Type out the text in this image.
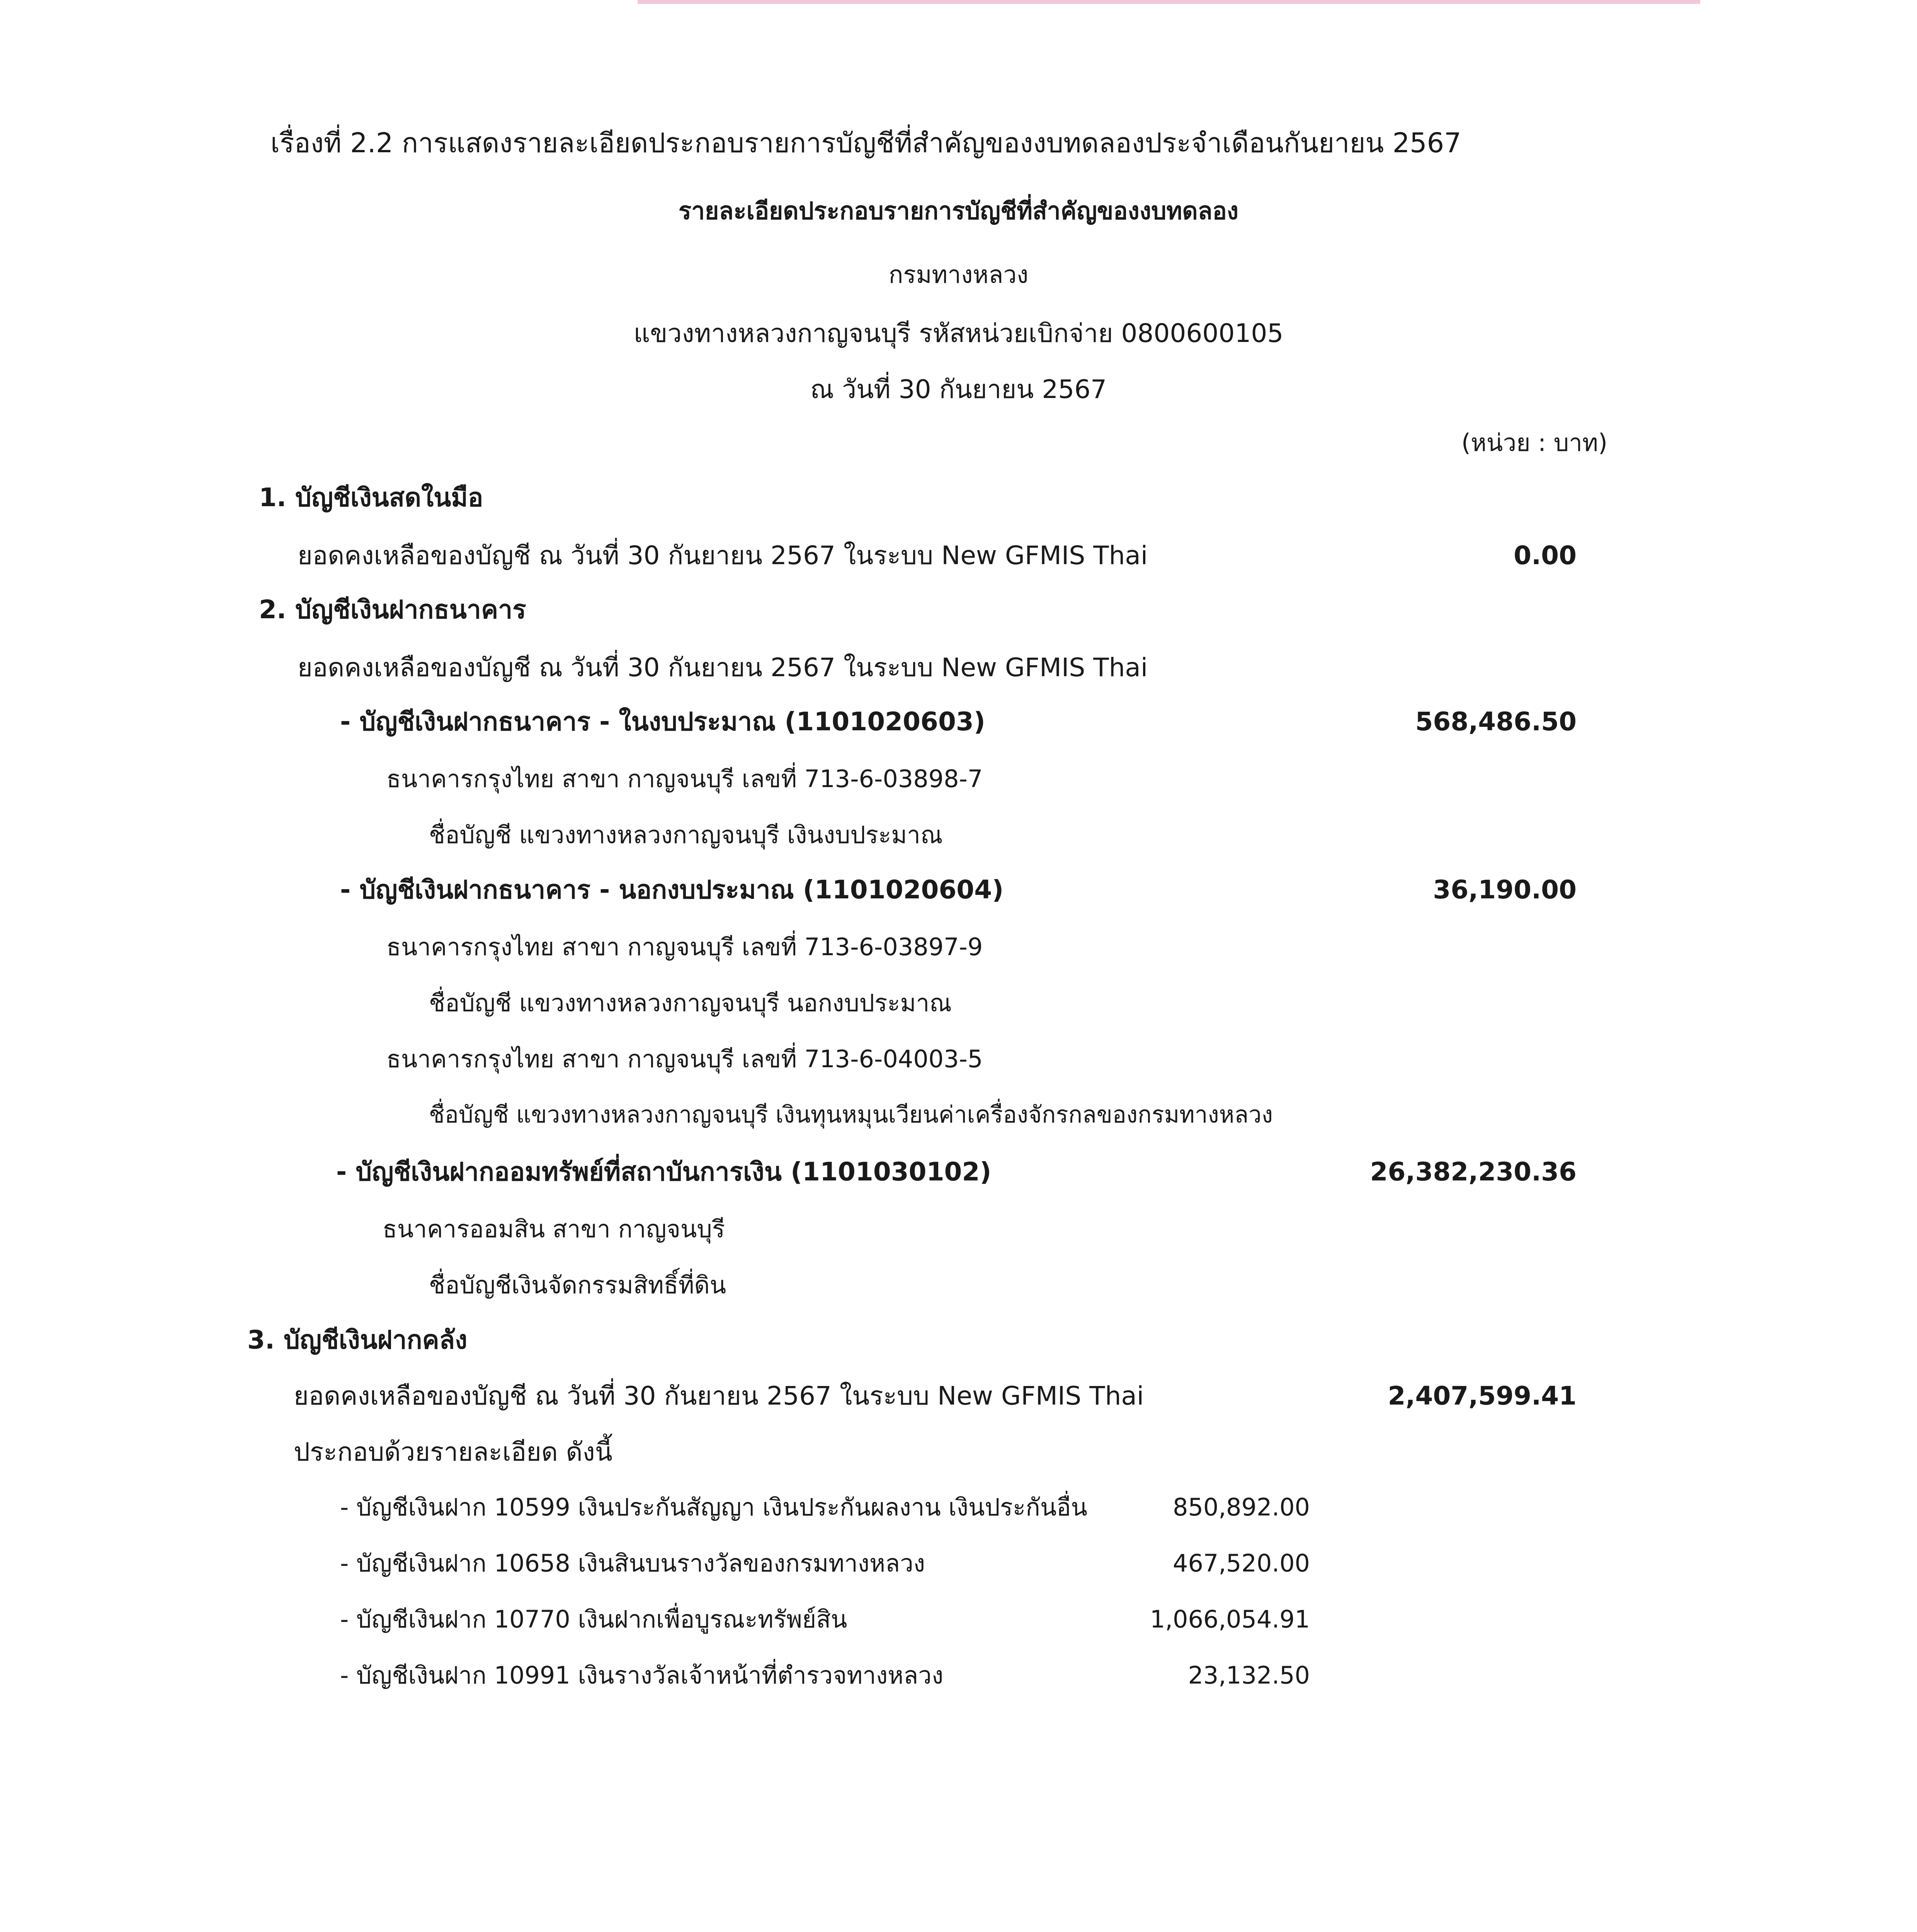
เรื่องที่ 2.2 การแสดงรายละเอียดประกอบรายการบัญชีที่สำคัญของงบทดลองประจำเดือนกันยายน 2567
รายละเอียดประกอบรายการบัญชีที่สำคัญของงบทดลอง
กรมทางหลวง
แขวงทางหลวงกาญจนบุรี รหัสหน่วยเบิกจ่าย 0800600105
ณ วันที่ 30 กันยายน 2567
(หน่วย : บาท)
1. บัญชีเงินสดในมือ
ยอดคงเหลือของบัญชี ณ วันที่ 30 กันยายน 2567 ในระบบ New GFMIS Thai	0.00
2. บัญชีเงินฝากธนาคาร
ยอดคงเหลือของบัญชี ณ วันที่ 30 กันยายน 2567 ในระบบ New GFMIS Thai
- บัญชีเงินฝากธนาคาร - ในงบประมาณ (1101020603)	568,486.50
ธนาคารกรุงไทย สาขา กาญจนบุรี เลขที่ 713-6-03898-7
ชื่อบัญชี แขวงทางหลวงกาญจนบุรี เงินงบประมาณ
- บัญชีเงินฝากธนาคาร - นอกงบประมาณ (1101020604)	36,190.00
ธนาคารกรุงไทย สาขา กาญจนบุรี เลขที่ 713-6-03897-9
ชื่อบัญชี แขวงทางหลวงกาญจนบุรี นอกงบประมาณ
ธนาคารกรุงไทย สาขา กาญจนบุรี เลขที่ 713-6-04003-5
ชื่อบัญชี แขวงทางหลวงกาญจนบุรี เงินทุนหมุนเวียนค่าเครื่องจักรกลของกรมทางหลวง
- บัญชีเงินฝากออมทรัพย์ที่สถาบันการเงิน (1101030102)	26,382,230.36
ธนาคารออมสิน สาขา กาญจนบุรี
ชื่อบัญชีเงินจัดกรรมสิทธิ์ที่ดิน
3. บัญชีเงินฝากคลัง
ยอดคงเหลือของบัญชี ณ วันที่ 30 กันยายน 2567 ในระบบ New GFMIS Thai	2,407,599.41
ประกอบด้วยรายละเอียด ดังนี้
- บัญชีเงินฝาก 10599 เงินประกันสัญญา เงินประกันผลงาน เงินประกันอื่น	850,892.00
- บัญชีเงินฝาก 10658 เงินสินบนรางวัลของกรมทางหลวง	467,520.00
- บัญชีเงินฝาก 10770 เงินฝากเพื่อบูรณะทรัพย์สิน	1,066,054.91
- บัญชีเงินฝาก 10991 เงินรางวัลเจ้าหน้าที่ตำรวจทางหลวง	23,132.50
